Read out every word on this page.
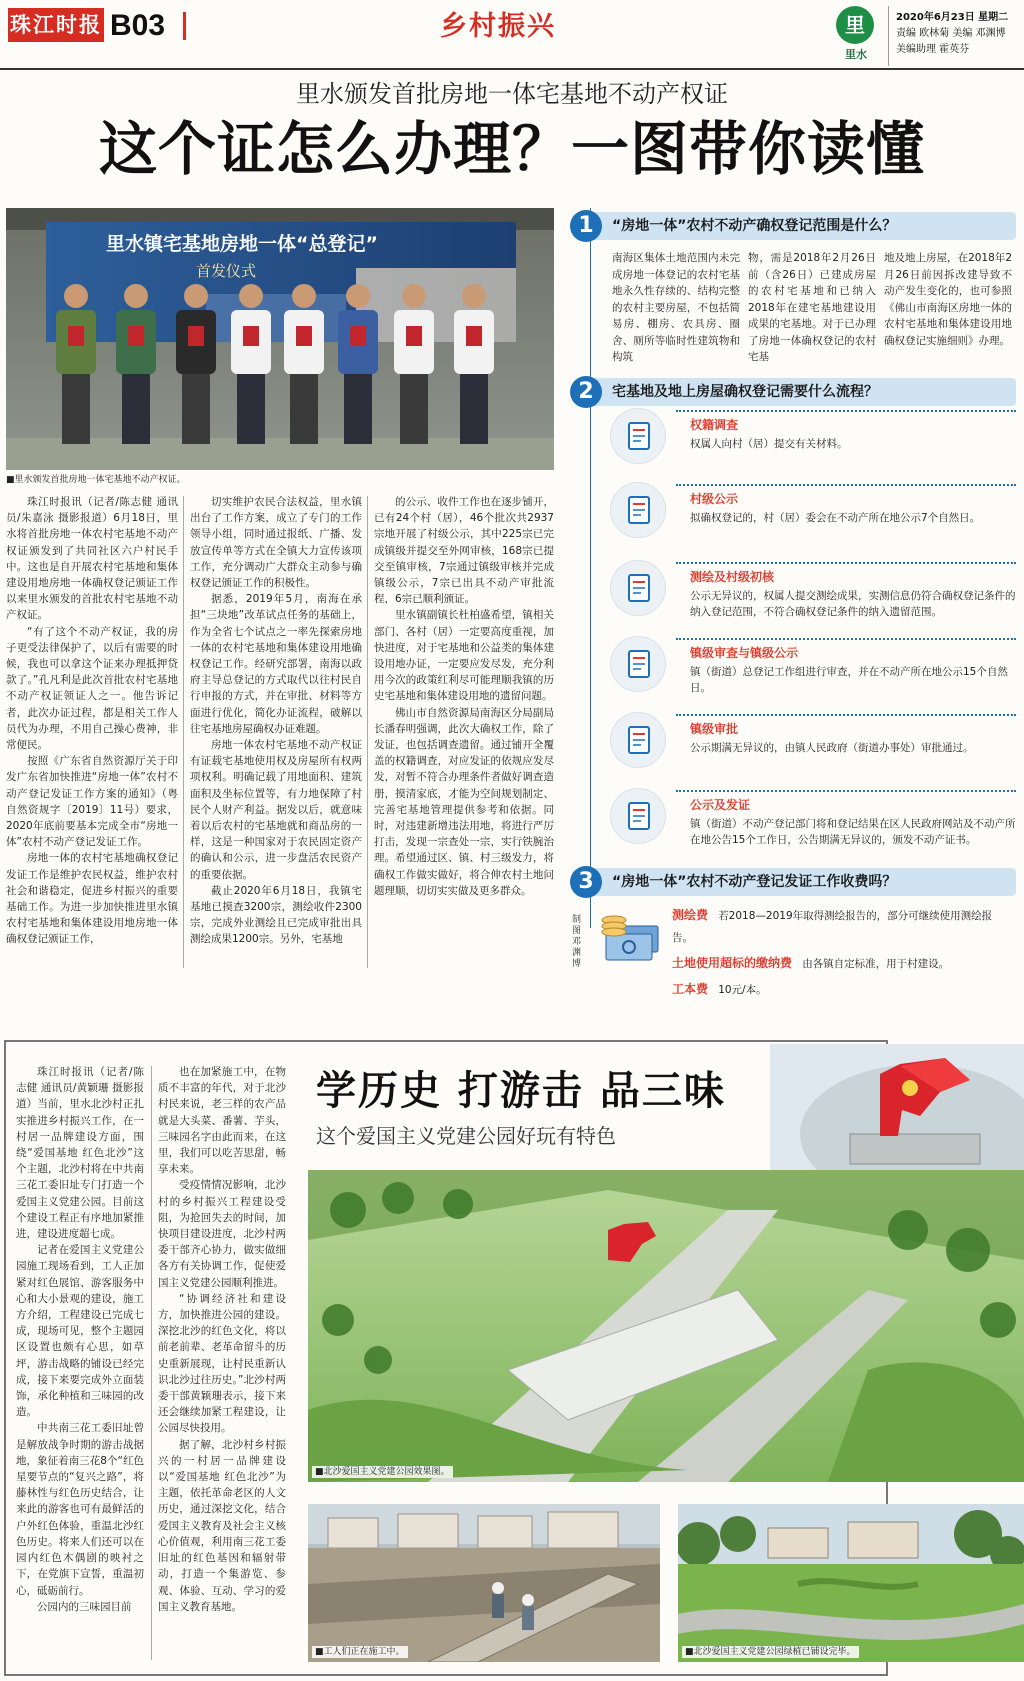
珠江时报 B03	乡村振兴	里
里水
2020年6月23日 星期二
责编 欧林菊 美编 邓渊博
美编助理 霍英芬
里水颁发首批房地一体宅基地不动产权证
这个证怎么办理？一图带你读懂
里水镇宅基地房地一体“总登记”
首发仪式
■里水颁发首批房地一体宅基地不动产权证。

珠江时报讯（记者/陈志健 通讯员/朱嘉泳 摄影报道）6月18日，里水将首批房地一体农村宅基地不动产权证颁发到了共同社区六户村民手中。这也是自开展农村宅基地和集体建设用地房地一体确权登记颁证工作以来里水颁发的首批农村宅基地不动产权证。

“有了这个不动产权证，我的房子更受法律保护了，以后有需要的时候，我也可以拿这个证来办理抵押贷款了。”孔凡利是此次首批农村宅基地不动产权证领证人之一。他告诉记者，此次办证过程，都是相关工作人员代为办理，不用自己操心费神，非常便民。

按照《广东省自然资源厅关于印发广东省加快推进“房地一体”农村不动产登记发证工作方案的通知》（粤自然资规字〔2019〕11号）要求，2020年底前要基本完成全市“房地一体”农村不动产登记发证工作。

房地一体的农村宅基地确权登记发证工作是维护农民权益，维护农村社会和谐稳定，促进乡村振兴的重要基础工作。为进一步加快推进里水镇农村宅基地和集体建设用地房地一体确权登记颁证工作，

切实维护农民合法权益，里水镇出台了工作方案，成立了专门的工作领导小组，同时通过报纸、广播、发放宣传单等方式在全镇大力宣传该项工作，充分调动广大群众主动参与确权登记颁证工作的积极性。

据悉，2019年5月，南海在承担“三块地”改革试点任务的基础上，作为全省七个试点之一率先探索房地一体的农村宅基地和集体建设用地确权登记工作。经研究部署，南海以政府主导总登记的方式取代以往村民自行申报的方式，并在审批、材料等方面进行优化，简化办证流程，破解以往宅基地房屋确权办证难题。

房地一体农村宅基地不动产权证有证载宅基地使用权及房屋所有权两项权利。明确记载了用地面积、建筑面积及坐标位置等，有力地保障了村民个人财产利益。据发以后，就意味着以后农村的宅基地就和商品房的一样，这是一种国家对于农民固定资产的确认和公示，进一步盘活农民资产的重要依据。

截止2020年6月18日，我镇宅基地已摸查3200宗，测绘收件2300宗，完成外业测绘且已完成审批出具测绘成果1200宗。另外，宅基地

的公示、收件工作也在逐步铺开，已有24个村（居），46个批次共2937宗地开展了村级公示，其中225宗已完成镇级并提交至外网审核，168宗已提交至镇审核，7宗通过镇级审核并完成镇级公示，7宗已出具不动产审批流程，6宗已顺利颁证。

里水镇副镇长杜柏盛希望，镇相关部门、各村（居）一定要高度重视，加快进度，对于宅基地和公益类的集体建设用地办证，一定要应发尽发，充分利用今次的政策红利尽可能理顺我镇的历史宅基地和集体建设用地的遗留问题。

佛山市自然资源局南海区分局副局长潘春明强调，此次大确权工作，除了发证，也包括调查遗留。通过铺开全覆盖的权籍调查，对应发证的依规应发尽发，对暂不符合办理条件者做好调查造册，摸清家底，才能为空间规划制定、完善宅基地管理提供参考和依据。同时，对违建新增违法用地，将进行严厉打击，发现一宗查处一宗，实行铁腕治理。希望通过区、镇、村三级发力，将确权工作做实做好，将合伸农村土地问题理顺，切切实实做及更多群众。

制图 邓渊博
1	“房地一体”农村不动产确权登记范围是什么？
南海区集体土地范围内未完成房地一体登记的农村宅基地永久性存续的、结构完整的农村主要房屋，不包括简易房、棚房、农具房、圈舍、厕所等临时性建筑物和构筑
物，需是2018年2月26日前（含26日）已建成房屋的农村宅基地和已纳入2018年在建宅基地建设用成果的宅基地。对于已办理了房地一体确权登记的农村宅基
地及地上房屋，在2018年2月26日前因拆改建导致不动产发生变化的，也可参照《佛山市南海区房地一体的农村宅基地和集体建设用地确权登记实施细则》办理。
2	宅基地及地上房屋确权登记需要什么流程？
权籍调查
权属人向村（居）提交有关材料。
村级公示
拟确权登记的，村（居）委会在不动产所在地公示7个自然日。
测绘及村级初核
公示无异议的，权属人提交测绘成果，实测信息仍符合确权登记条件的纳入登记范围，不符合确权登记条件的纳入遗留范围。
镇级审查与镇级公示
镇（街道）总登记工作组进行审查，并在不动产所在地公示15个自然日。
镇级审批
公示期满无异议的，由镇人民政府（街道办事处）审批通过。
公示及发证
镇（街道）不动产登记部门将和登记结果在区人民政府网站及不动产所在地公告15个工作日，公告期满无异议的，颁发不动产证书。
3	“房地一体”农村不动产登记发证工作收费吗？
测绘费 若2018—2019年取得测绘报告的，部分可继续使用测绘报告。
土地使用超标的缴纳费 由各镇自定标准，用于村建设。
工本费 10元/本。

珠江时报讯（记者/陈志健 通讯员/黄颖珊 摄影报道）当前，里水北沙村正扎实推进乡村振兴工作，在一村居一品牌建设方面，围绕“爱国基地 红色北沙”这个主题，北沙村将在中共南三花工委旧址专门打造一个爱国主义党建公园。目前这个建设工程正有序地加紧推进，建设进度超七成。

记者在爱国主义党建公园施工现场看到，工人正加紧对红色展馆、游客服务中心和大小景观的建设，施工方介绍，工程建设已完成七成，现场可见，整个主题园区设置也颇有心思，如草坪，游击战略的铺设已经完成，接下来要完成外立面装饰，承化种植和三味园的改造。

中共南三花工委旧址曾是解放战争时期的游击战据地，象征着南三花8个“红色星要节点的“复兴之路”，将藤林性与红色历史结合，让来此的游客也可有最鲜活的户外红色体验，重温北沙红色历史。将来人们还可以在园内红色木偶剧的映衬之下，在党旗下宣誓，重温初心，砥砺前行。

公园内的三味园目前

也在加紧施工中，在物质不丰富的年代，对于北沙村民来说，老三样的农产品就是大头菜、番薯、芋头，三味园名字由此而来，在这里，我们可以吃苦思甜，畅享未来。

受疫情情况影响，北沙村的乡村振兴工程建设受阻，为抢回失去的时间，加快项目建设进度，北沙村两委干部齐心协力，做实做细各方有关协调工作，促使爱国主义党建公园顺利推进。

“协调经济社和建设方，加快推进公园的建设。深挖北沙的红色文化，将以前老前辈、老革命留斗的历史重新展现，让村民重新认识北沙过往历史。”北沙村两委干部黄颖珊表示，接下来还会继续加紧工程建设，让公园尽快投用。

据了解，北沙村乡村振兴的一村居一品牌建设以“爱国基地 红色北沙”为主题，依托革命老区的人文历史，通过深挖文化，结合爱国主义教育及社会主义核心价值观，利用南三花工委旧址的红色基因和辐射带动，打造一个集游览、参观、体验、互动、学习的爱国主义教育基地。

学历史 打游击 品三味
这个爱国主义党建公园好玩有特色
■北沙爱国主义党建公园效果图。
■工人们正在施工中。	■北沙爱国主义党建公园绿植已铺设完毕。
